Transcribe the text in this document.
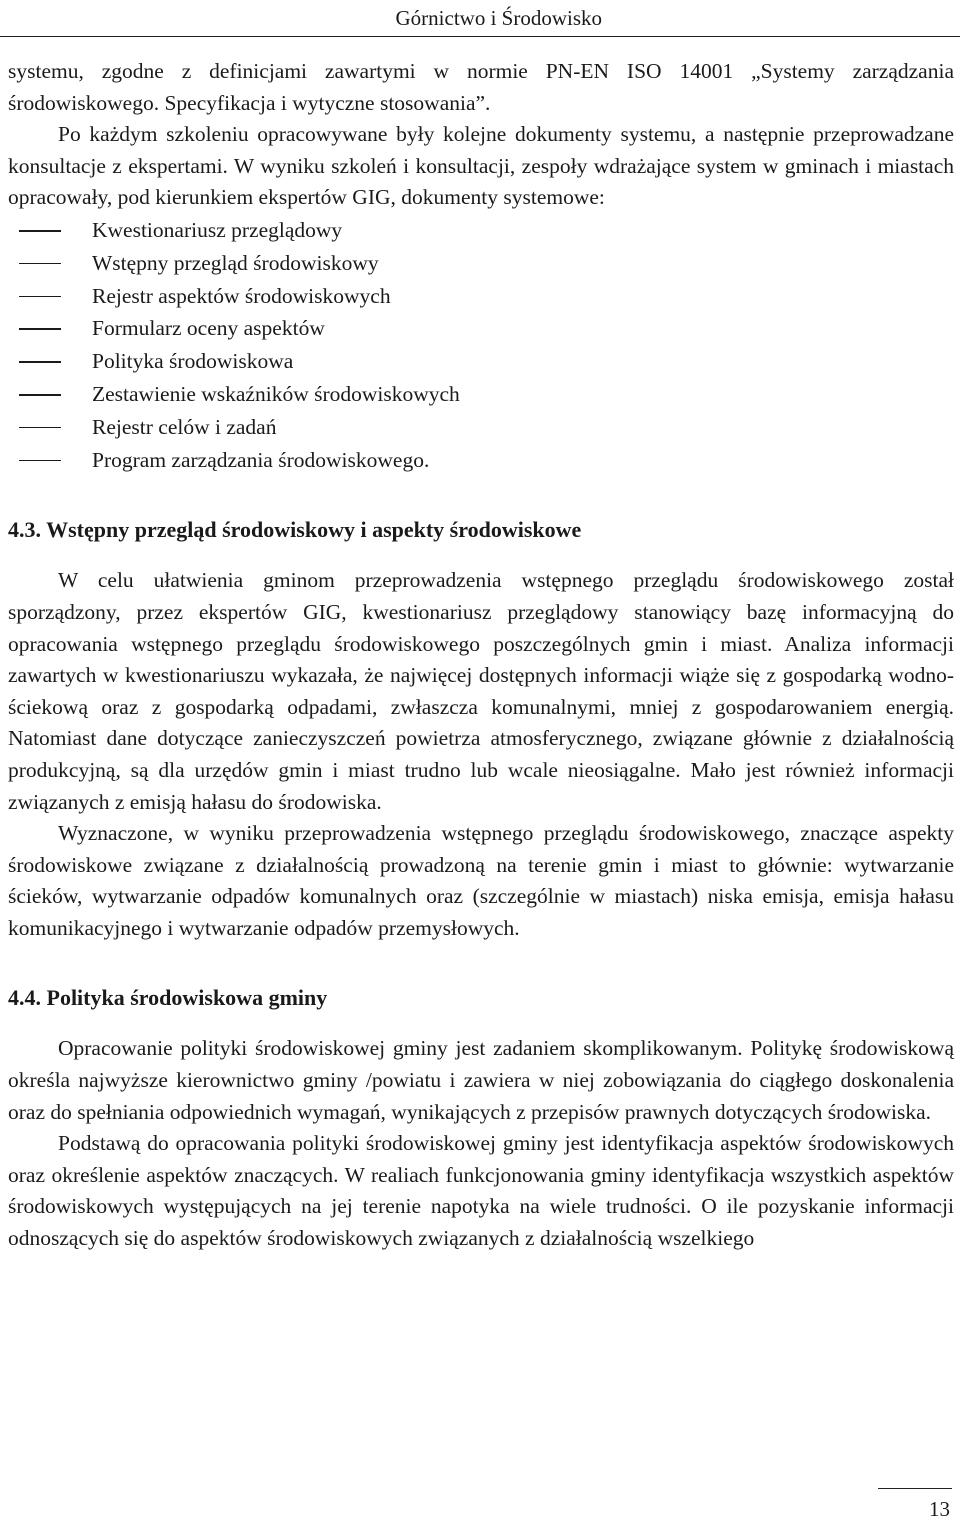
Górnictwo i Środowisko

systemu, zgodne z definicjami zawartymi w normie PN-EN ISO 14001 „Systemy zarządzania środowiskowego. Specyfikacja i wytyczne stosowania”.

Po każdym szkoleniu opracowywane były kolejne dokumenty systemu, a następnie przeprowadzane konsultacje z ekspertami. W wyniku szkoleń i konsultacji, zespoły wdrażające system w gminach i miastach opracowały, pod kierunkiem ekspertów GIG, dokumenty systemowe:

Kwestionariusz przeglądowy
Wstępny przegląd środowiskowy
Rejestr aspektów środowiskowych
Formularz oceny aspektów
Polityka środowiskowa
Zestawienie wskaźników środowiskowych
Rejestr celów i zadań
Program zarządzania środowiskowego.
4.3. Wstępny przegląd środowiskowy i aspekty środowiskowe

W celu ułatwienia gminom przeprowadzenia wstępnego przeglądu środowiskowego został sporządzony, przez ekspertów GIG, kwestionariusz przeglądowy stanowiący bazę informacyjną do opracowania wstępnego przeglądu środowiskowego poszczególnych gmin i miast. Analiza informacji zawartych w kwestionariuszu wykazała, że najwięcej dostępnych informacji wiąże się z gospodarką wodno-ściekową oraz z gospodarką odpadami, zwłaszcza komunalnymi, mniej z gospodarowaniem energią. Natomiast dane dotyczące zanieczyszczeń powietrza atmosferycznego, związane głównie z działalnością produkcyjną, są dla urzędów gmin i miast trudno lub wcale nieosiągalne. Mało jest również informacji związanych z emisją hałasu do środowiska.

Wyznaczone, w wyniku przeprowadzenia wstępnego przeglądu środowiskowego, znaczące aspekty środowiskowe związane z działalnością prowadzoną na terenie gmin i miast to głównie: wytwarzanie ścieków, wytwarzanie odpadów komunalnych oraz (szczególnie w miastach) niska emisja, emisja hałasu komunikacyjnego i wytwarzanie odpadów przemysłowych.

4.4. Polityka środowiskowa gminy

Opracowanie polityki środowiskowej gminy jest zadaniem skomplikowanym. Politykę środowiskową określa najwyższe kierownictwo gminy /powiatu i zawiera w niej zobowiązania do ciągłego doskonalenia oraz do spełniania odpowiednich wymagań, wynikających z przepisów prawnych dotyczących środowiska.

Podstawą do opracowania polityki środowiskowej gminy jest identyfikacja aspektów środowiskowych oraz określenie aspektów znaczących. W realiach funkcjonowania gminy identyfikacja wszystkich aspektów środowiskowych występujących na jej terenie napotyka na wiele trudności. O ile pozyskanie informacji odnoszących się do aspektów środowiskowych związanych z działalnością wszelkiego

13
